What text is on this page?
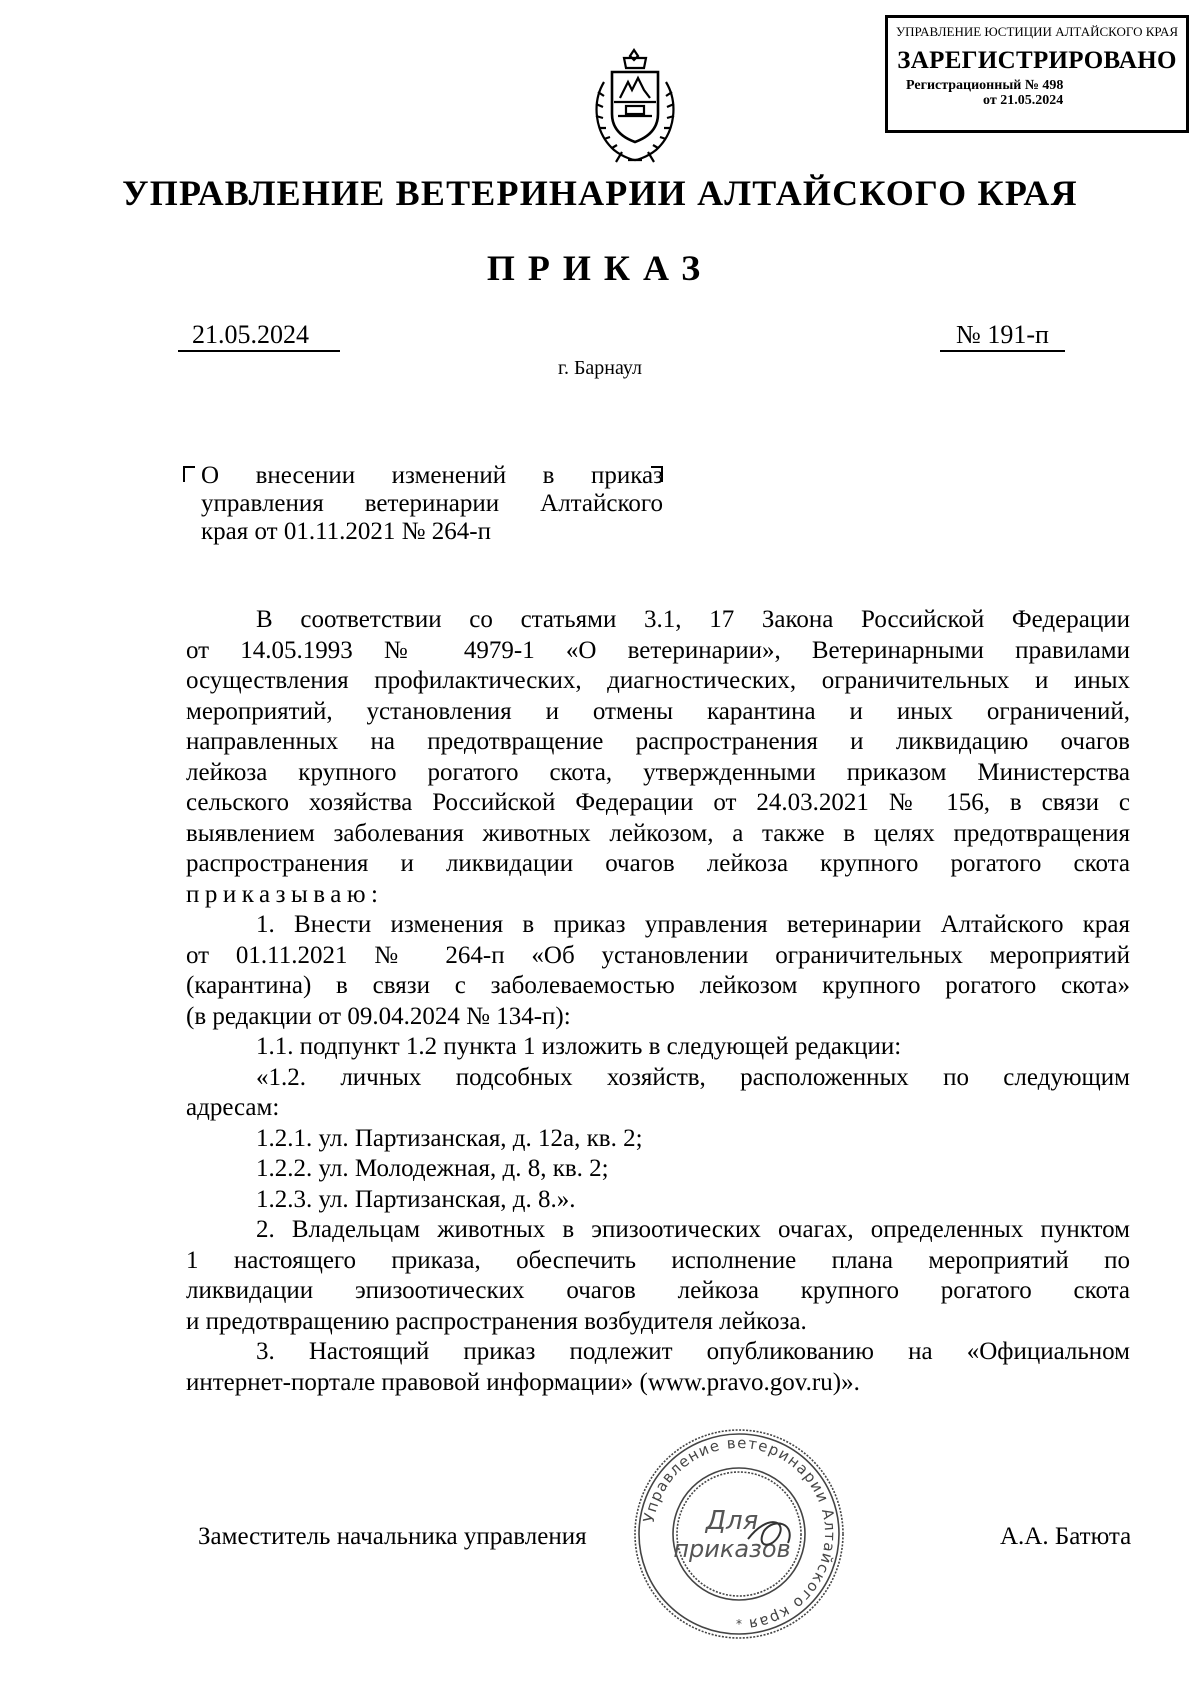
УПРАВЛЕНИЕ ЮСТИЦИИ АЛТАЙСКОГО КРАЯ
ЗАРЕГИСТРИРОВАНО
Регистрационный № 498
от 21.05.2024
УПРАВЛЕНИЕ ВЕТЕРИНАРИИ АЛТАЙСКОГО КРАЯ
ПРИКАЗ
21.05.2024	№ 191-п
г. Барнаул
О внесении изменений в приказ
управления ветеринарии Алтайского
края от 01.11.2021 № 264-п

В соответствии со статьями 3.1, 17 Закона Российской Федерации

от 14.05.1993 № 4979-1 «О ветеринарии», Ветеринарными правилами

осуществления профилактических, диагностических, ограничительных и иных

мероприятий, установления и отмены карантина и иных ограничений,

направленных на предотвращение распространения и ликвидацию очагов

лейкоза крупного рогатого скота, утвержденными приказом Министерства

сельского хозяйства Российской Федерации от 24.03.2021 № 156, в связи с

выявлением заболевания животных лейкозом, а также в целях предотвращения

распространения и ликвидации очагов лейкоза крупного рогатого скота

приказываю:

1. Внести изменения в приказ управления ветеринарии Алтайского края

от 01.11.2021 № 264-п «Об установлении ограничительных мероприятий

(карантина) в связи с заболеваемостью лейкозом крупного рогатого скота»

(в редакции от 09.04.2024 № 134-п):

1.1. подпункт 1.2 пункта 1 изложить в следующей редакции:

«1.2. личных подсобных хозяйств, расположенных по следующим

адресам:

1.2.1. ул. Партизанская, д. 12а, кв. 2;

1.2.2. ул. Молодежная, д. 8, кв. 2;

1.2.3. ул. Партизанская, д. 8.».

2. Владельцам животных в эпизоотических очагах, определенных пунктом

1 настоящего приказа, обеспечить исполнение плана мероприятий по

ликвидации эпизоотических очагов лейкоза крупного рогатого скота

и предотвращению распространения возбудителя лейкоза.

3. Настоящий приказ подлежит опубликованию на «Официальном

интернет-портале правовой информации» (www.pravo.gov.ru)».

Управление ветеринарии Алтайского края
Для
приказов
*
Заместитель начальника управления	А.А. Батюта
